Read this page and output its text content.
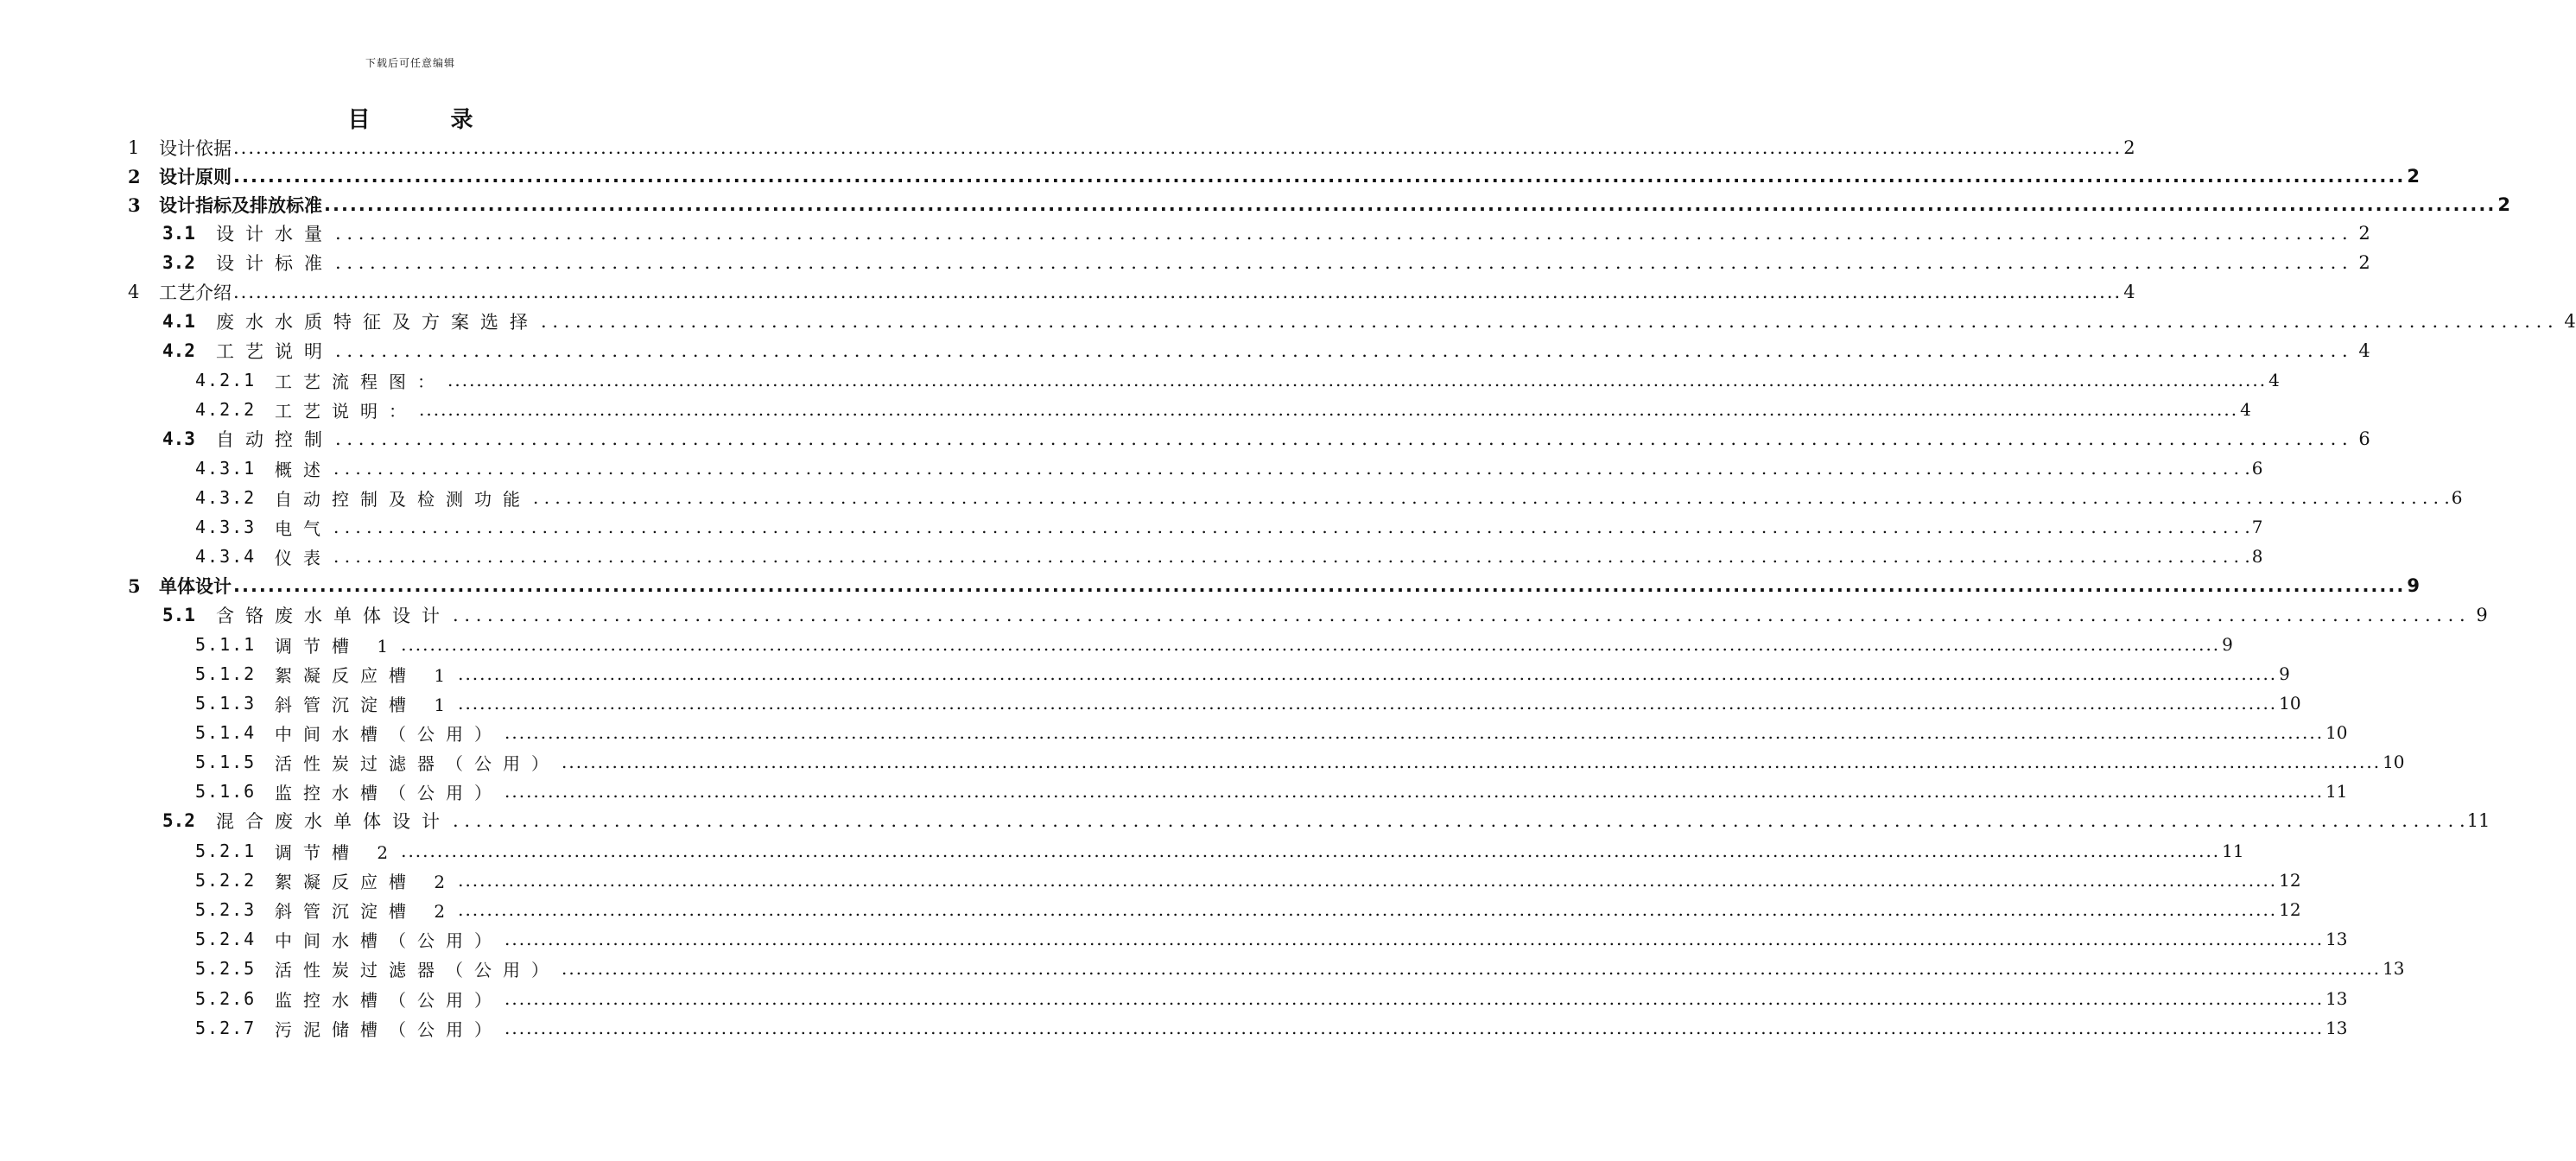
下载后可任意编辑
目 录
1	设计依据 .....	2
2	设计原则 .....	2
3	设计指标及排放标准 .....	2
3.1	设计水量 . . .	2
3.2	设计标准 . . .	2
4	工艺介绍 .....	4
4.1	废水水质特征及方案选择 . . .	4
4.2	工艺说明 . . .	4
4.2.1	工艺流程图： .....	4
4.2.2	工艺说明： .....	4
4.3	自动控制 . . .	6
4.3.1	概述 . . .	6
4.3.2	自动控制及检测功能 . . .	6
4.3.3	电气 . . .	7
4.3.4	仪表 . . .	8
5	单体设计 .....	9
5.1	含铬废水单体设计 . . .	9
5.1.1	调节槽 1 .....	9
5.1.2	絮凝反应槽 1 .....	9
5.1.3	斜管沉淀槽 1 .....	10
5.1.4	中间水槽（公用） .....	10
5.1.5	活性炭过滤器（公用） .....	10
5.1.6	监控水槽（公用） .....	11
5.2	混合废水单体设计 . . .	11
5.2.1	调节槽 2 .....	11
5.2.2	絮凝反应槽 2 .....	12
5.2.3	斜管沉淀槽 2 .....	12
5.2.4	中间水槽（公用） .....	13
5.2.5	活性炭过滤器（公用） .....	13
5.2.6	监控水槽（公用） .....	13
5.2.7	污泥储槽（公用） .....	13
